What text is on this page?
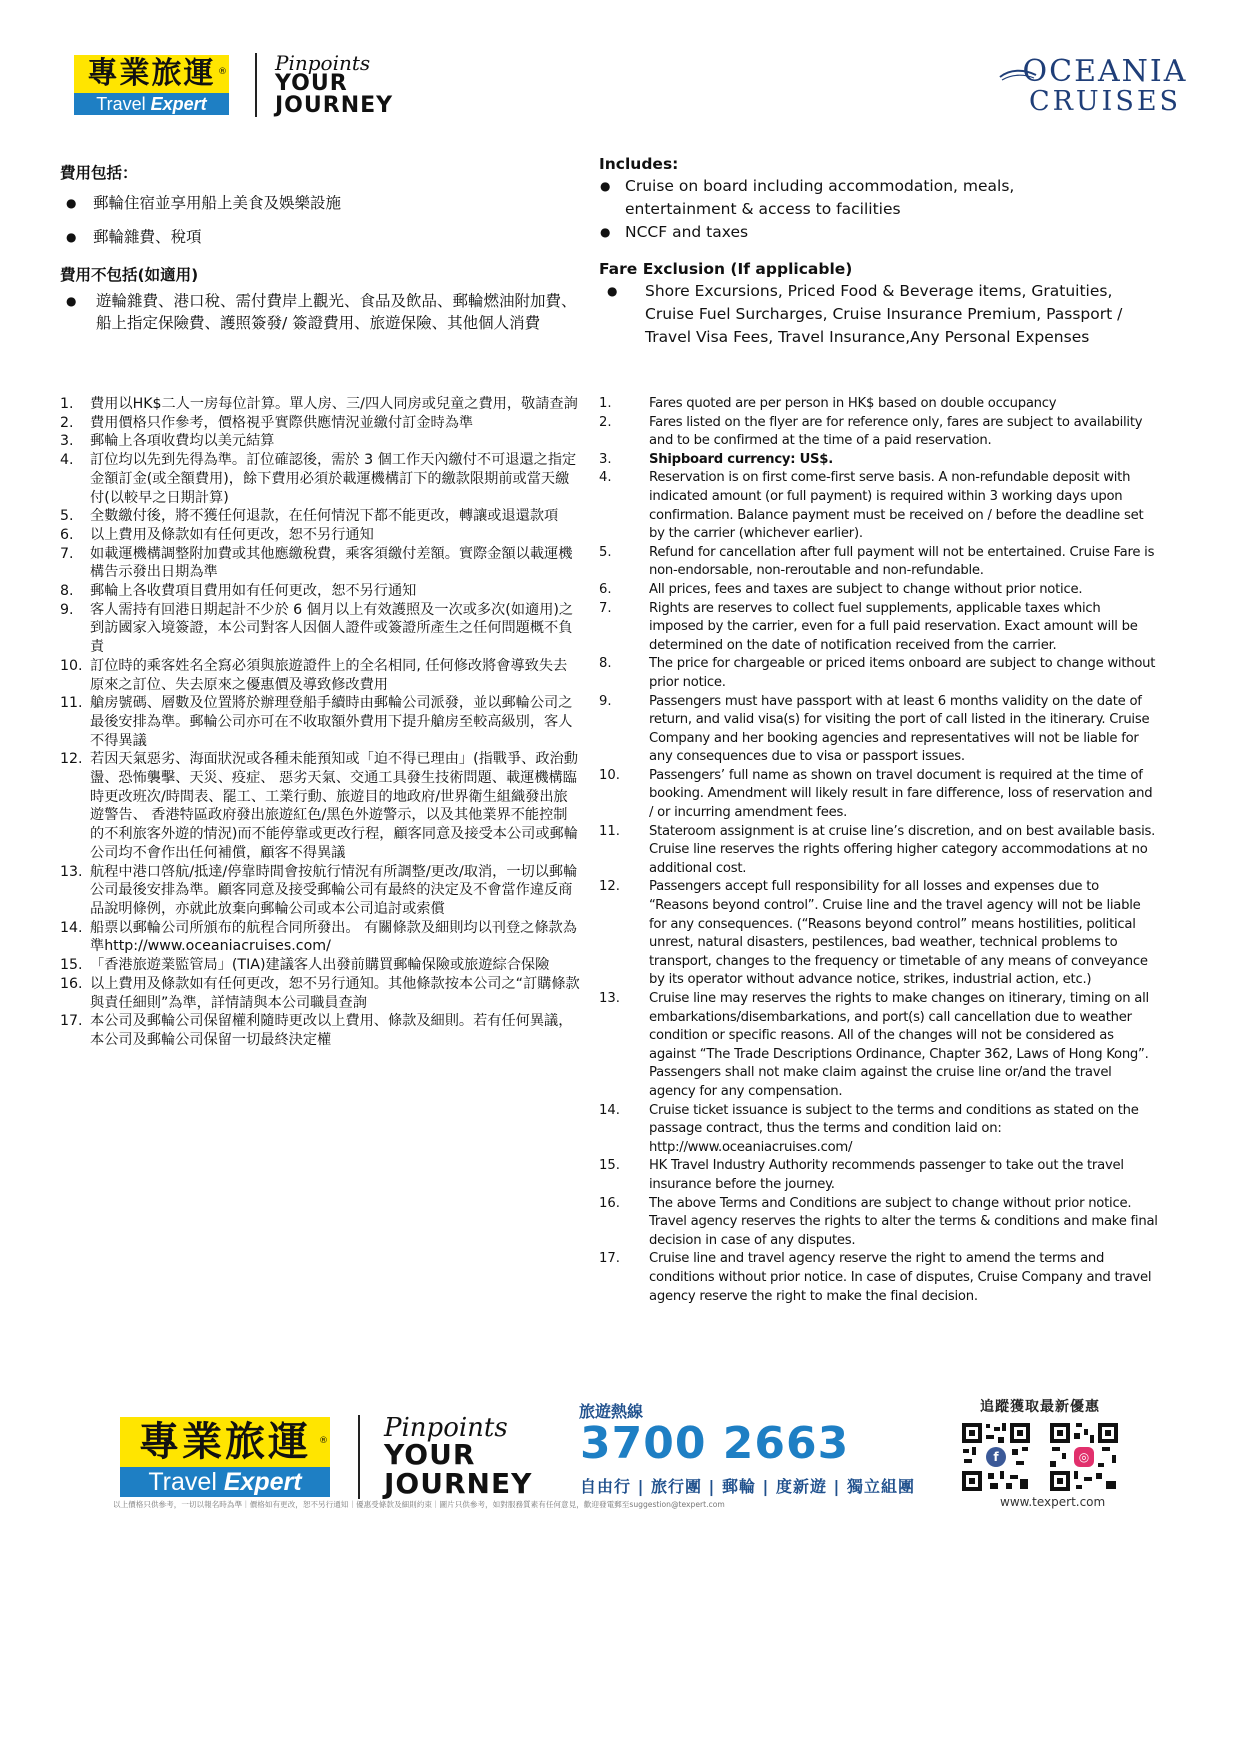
專業旅運 ®
Travel Expert
Pinpoints
YOUR
JOURNEY
OCEANIA
CRUISES
費用包括：
●	郵輪住宿並享用船上美食及娛樂設施
●	郵輪雜費、稅項
費用不包括(如適用)
●	遊輪雜費、港口稅、需付費岸上觀光、食品及飲品、郵輪燃油附加費、船上指定保險費、護照簽發/ 簽證費用、旅遊保險、其他個人消費
Includes:
● Cruise on board including accommodation, meals, entertainment & access to facilities
● NCCF and taxes
Fare Exclusion (If applicable)
●	Shore Excursions, Priced Food & Beverage items, Gratuities, Cruise Fuel Surcharges, Cruise Insurance Premium, Passport / Travel Visa Fees, Travel Insurance,Any Personal Expenses
1.	費用以HK$二人一房每位計算。單人房、三/四人同房或兒童之費用，敬請查詢
2.	費用價格只作參考，價格視乎實際供應情況並繳付訂金時為準
3.	郵輪上各項收費均以美元結算
4.	訂位均以先到先得為準。訂位確認後，需於 3 個工作天內繳付不可退還之指定金額訂金(或全額費用)，餘下費用必須於載運機構訂下的繳款限期前或當天繳付(以較早之日期計算)
5.	全數繳付後，將不獲任何退款，在任何情況下都不能更改，轉讓或退還款項
6.	以上費用及條款如有任何更改，恕不另行通知
7.	如載運機構調整附加費或其他應繳稅費，乘客須繳付差額。實際金額以載運機構告示發出日期為準
8.	郵輪上各收費項目費用如有任何更改，恕不另行通知
9.	客人需持有回港日期起計不少於 6 個月以上有效護照及一次或多次(如適用)之到訪國家入境簽證，本公司對客人因個人證件或簽證所產生之任何問題概不負責
10. 訂位時的乘客姓名全寫必須與旅遊證件上的全名相同, 任何修改將會導致失去原來之訂位、失去原來之優惠價及導致修改費用
11. 艙房號碼、層數及位置將於辦理登船手續時由郵輪公司派發，並以郵輪公司之最後安排為準。郵輪公司亦可在不收取額外費用下提升艙房至較高級別，客人不得異議
12. 若因天氣惡劣、海面狀況或各種未能預知或「迫不得已理由」(指戰爭、政治動盪、恐怖襲擊、天災、疫症、 惡劣天氣、交通工具發生技術問題、載運機構臨時更改班次/時間表、罷工、工業行動、旅遊目的地政府/世界衛生組織發出旅遊警告、 香港特區政府發出旅遊紅色/黑色外遊警示，以及其他業界不能控制的不利旅客外遊的情況)而不能停靠或更改行程，顧客同意及接受本公司或郵輪公司均不會作出任何補償，顧客不得異議
13. 航程中港口啓航/抵達/停靠時間會按航行情況有所調整/更改/取消，一切以郵輪公司最後安排為準。顧客同意及接受郵輪公司有最終的決定及不會當作違反商品說明條例，亦就此放棄向郵輪公司或本公司追討或索償
14. 船票以郵輪公司所頒布的航程合同所發出。 有關條款及細則均以刊登之條款為準http://www.oceaniacruises.com/
15. 「香港旅遊業監管局」(TIA)建議客人出發前購買郵輪保險或旅遊綜合保險
16. 以上費用及條款如有任何更改，恕不另行通知。其他條款按本公司之“訂購條款與責任細則”為準，詳情請與本公司職員查詢
17. 本公司及郵輪公司保留權利隨時更改以上費用、條款及細則。若有任何異議，本公司及郵輪公司保留一切最終決定權
1.	Fares quoted are per person in HK$ based on double occupancy
2.	Fares listed on the flyer are for reference only, fares are subject to availability and to be confirmed at the time of a paid reservation.
3.	Shipboard currency: US$.
4.	Reservation is on first come-first serve basis. A non-refundable deposit with indicated amount (or full payment) is required within 3 working days upon confirmation. Balance payment must be received on / before the deadline set by the carrier (whichever earlier).
5.	Refund for cancellation after full payment will not be entertained. Cruise Fare is non-endorsable, non-reroutable and non-refundable.
6.	All prices, fees and taxes are subject to change without prior notice.
7.	Rights are reserves to collect fuel supplements, applicable taxes which imposed by the carrier, even for a full paid reservation. Exact amount will be determined on the date of notification received from the carrier.
8.	The price for chargeable or priced items onboard are subject to change without prior notice.
9.	Passengers must have passport with at least 6 months validity on the date of return, and valid visa(s) for visiting the port of call listed in the itinerary. Cruise Company and her booking agencies and representatives will not be liable for any consequences due to visa or passport issues.
10.	Passengers’ full name as shown on travel document is required at the time of booking. Amendment will likely result in fare difference, loss of reservation and / or incurring amendment fees.
11.	Stateroom assignment is at cruise line’s discretion, and on best available basis. Cruise line reserves the rights offering higher category accommodations at no additional cost.
12.	Passengers accept full responsibility for all losses and expenses due to “Reasons beyond control”. Cruise line and the travel agency will not be liable for any consequences. (“Reasons beyond control” means hostilities, political unrest, natural disasters, pestilences, bad weather, technical problems to transport, changes to the frequency or timetable of any means of conveyance by its operator without advance notice, strikes, industrial action, etc.)
13.	Cruise line may reserves the rights to make changes on itinerary, timing on all embarkations/disembarkations, and port(s) call cancellation due to weather condition or specific reasons. All of the changes will not be considered as against “The Trade Descriptions Ordinance, Chapter 362, Laws of Hong Kong”. Passengers shall not make claim against the cruise line or/and the travel agency for any compensation.
14.	Cruise ticket issuance is subject to the terms and conditions as stated on the passage contract, thus the terms and condition laid on: http://www.oceaniacruises.com/
15.	HK Travel Industry Authority recommends passenger to take out the travel insurance before the journey.
16.	The above Terms and Conditions are subject to change without prior notice. Travel agency reserves the rights to alter the terms & conditions and make final decision in case of any disputes.
17.	Cruise line and travel agency reserve the right to amend the terms and conditions without prior notice. In case of disputes, Cruise Company and travel agency reserve the right to make the final decision.
專業旅運 ®
Travel Expert
Pinpoints
YOUR
JOURNEY
旅遊熱線
3700 2663
自由行 | 旅行團 | 郵輪 | 度新遊 | 獨立組團
追蹤獲取最新優惠
f	◎
www.texpert.com
以上價格只供參考，一切以報名時為準｜價格如有更改，恕不另行通知｜優惠受條款及細則約束｜圖片只供參考，如對服務質素有任何意見，歡迎發電郵至suggestion@texpert.com
